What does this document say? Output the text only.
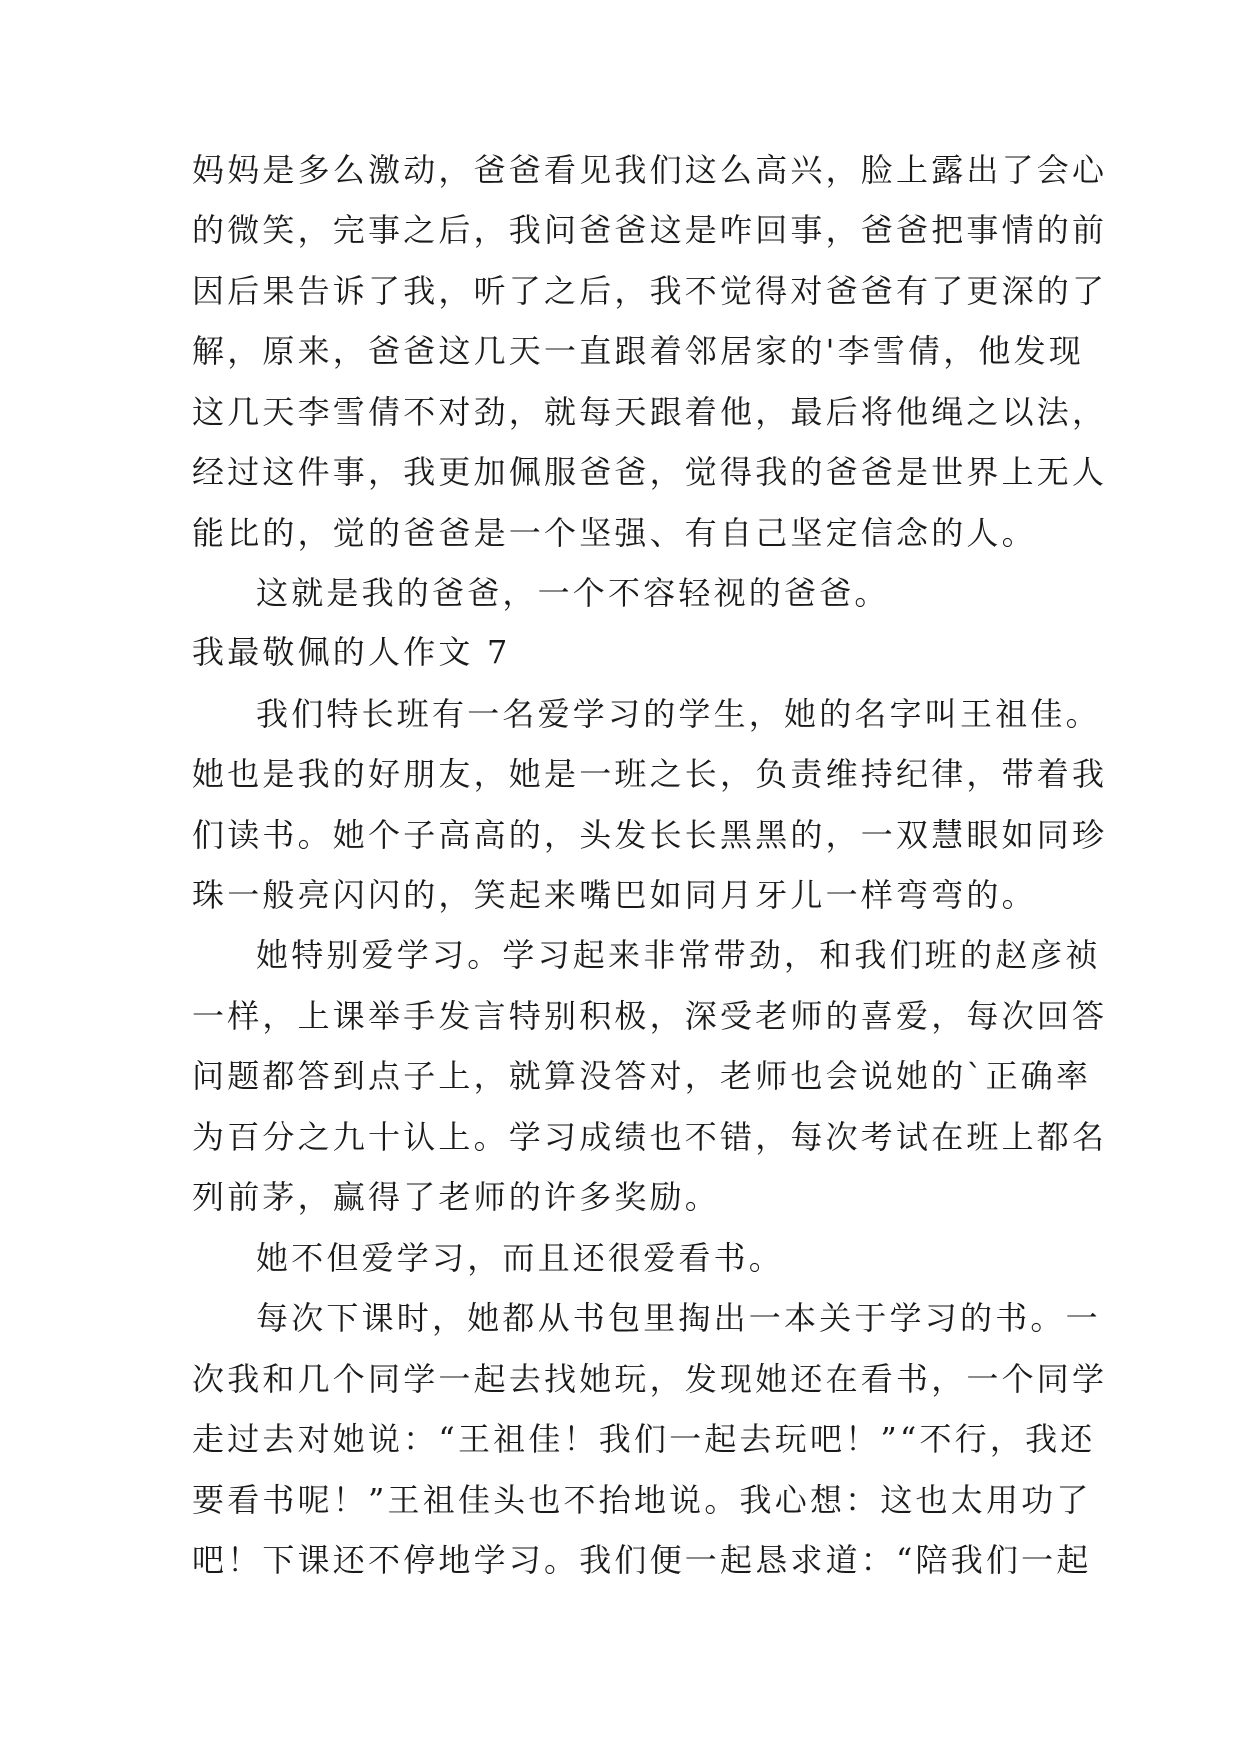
妈妈是多么激动，爸爸看见我们这么高兴，脸上露出了会心
的微笑，完事之后，我问爸爸这是咋回事，爸爸把事情的前
因后果告诉了我，听了之后，我不觉得对爸爸有了更深的了
解，原来，爸爸这几天一直跟着邻居家的'李雪倩，他发现
这几天李雪倩不对劲，就每天跟着他，最后将他绳之以法，
经过这件事，我更加佩服爸爸，觉得我的爸爸是世界上无人
能比的，觉的爸爸是一个坚强、有自己坚定信念的人。
这就是我的爸爸，一个不容轻视的爸爸。
我最敬佩的人作文 7
我们特长班有一名爱学习的学生，她的名字叫王祖佳。
她也是我的好朋友，她是一班之长，负责维持纪律，带着我
们读书。她个子高高的，头发长长黑黑的，一双慧眼如同珍
珠一般亮闪闪的，笑起来嘴巴如同月牙儿一样弯弯的。
她特别爱学习。学习起来非常带劲，和我们班的赵彦祯
一样，上课举手发言特别积极，深受老师的喜爱，每次回答
问题都答到点子上，就算没答对，老师也会说她的`正确率
为百分之九十认上。学习成绩也不错，每次考试在班上都名
列前茅，赢得了老师的许多奖励。
她不但爱学习，而且还很爱看书。
每次下课时，她都从书包里掏出一本关于学习的书。一
次我和几个同学一起去找她玩，发现她还在看书，一个同学
走过去对她说：“王祖佳！我们一起去玩吧！”“不行，我还
要看书呢！”王祖佳头也不抬地说。我心想：这也太用功了
吧！下课还不停地学习。我们便一起恳求道：“陪我们一起
